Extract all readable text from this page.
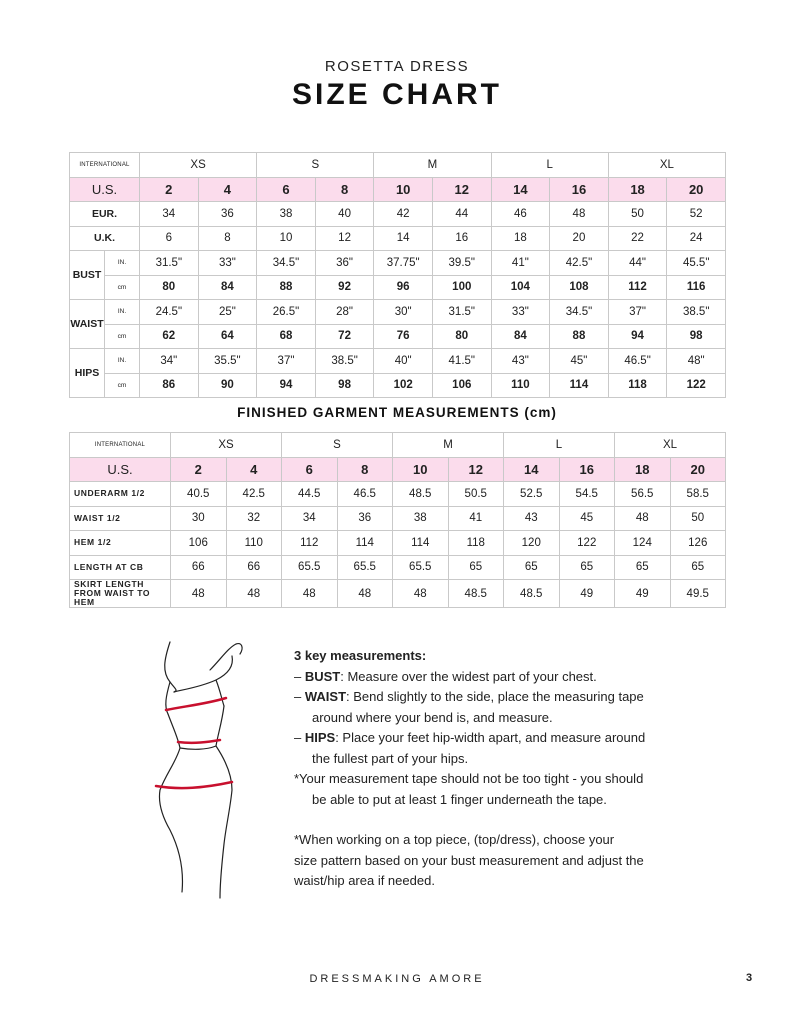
ROSETTA DRESS
SIZE CHART
INTERNATIONAL		XS		S		M		L		XL	
U.S.		2	4	6	8	10	12	14	16	18	20
EUR.		34	36	38	40	42	44	46	48	50	52
U.K.		6	8	10	12	14	16	18	20	22	24
BUST	IN.	31.5"	33"	34.5"	36"	37.75"	39.5"	41"	42.5"	44"	45.5"
	cm	80	84	88	92	96	100	104	108	112	116
WAIST	IN.	24.5"	25"	26.5"	28"	30"	31.5"	33"	34.5"	37"	38.5"
	cm	62	64	68	72	76	80	84	88	94	98
HIPS	IN.	34"	35.5"	37"	38.5"	40"	41.5"	43"	45"	46.5"	48"
	cm	86	90	94	98	102	106	110	114	118	122
FINISHED GARMENT MEASUREMENTS (cm)
INTERNATIONAL	XS		S		M		L		XL	
U.S.	2	4	6	8	10	12	14	16	18	20
UNDERARM 1/2	40.5	42.5	44.5	46.5	48.5	50.5	52.5	54.5	56.5	58.5
WAIST 1/2	30	32	34	36	38	41	43	45	48	50
HEM 1/2	106	110	112	114	114	118	120	122	124	126
LENGTH AT CB	66	66	65.5	65.5	65.5	65	65	65	65	65
SKIRT LENGTH FROM WAIST TO HEM	48	48	48	48	48	48.5	48.5	49	49	49.5

3 key measurements:

– BUST: Measure over the widest part of your chest.

– WAIST: Bend slightly to the side, place the measuring tape

around where your bend is, and measure.

– HIPS: Place your feet hip-width apart, and measure around

the fullest part of your hips.

*Your measurement tape should not be too tight - you should

be able to put at least 1 finger underneath the tape.

*When working on a top piece, (top/dress), choose your

size pattern based on your bust measurement and adjust the

waist/hip area if needed.

DRESSMAKING AMORE	3
